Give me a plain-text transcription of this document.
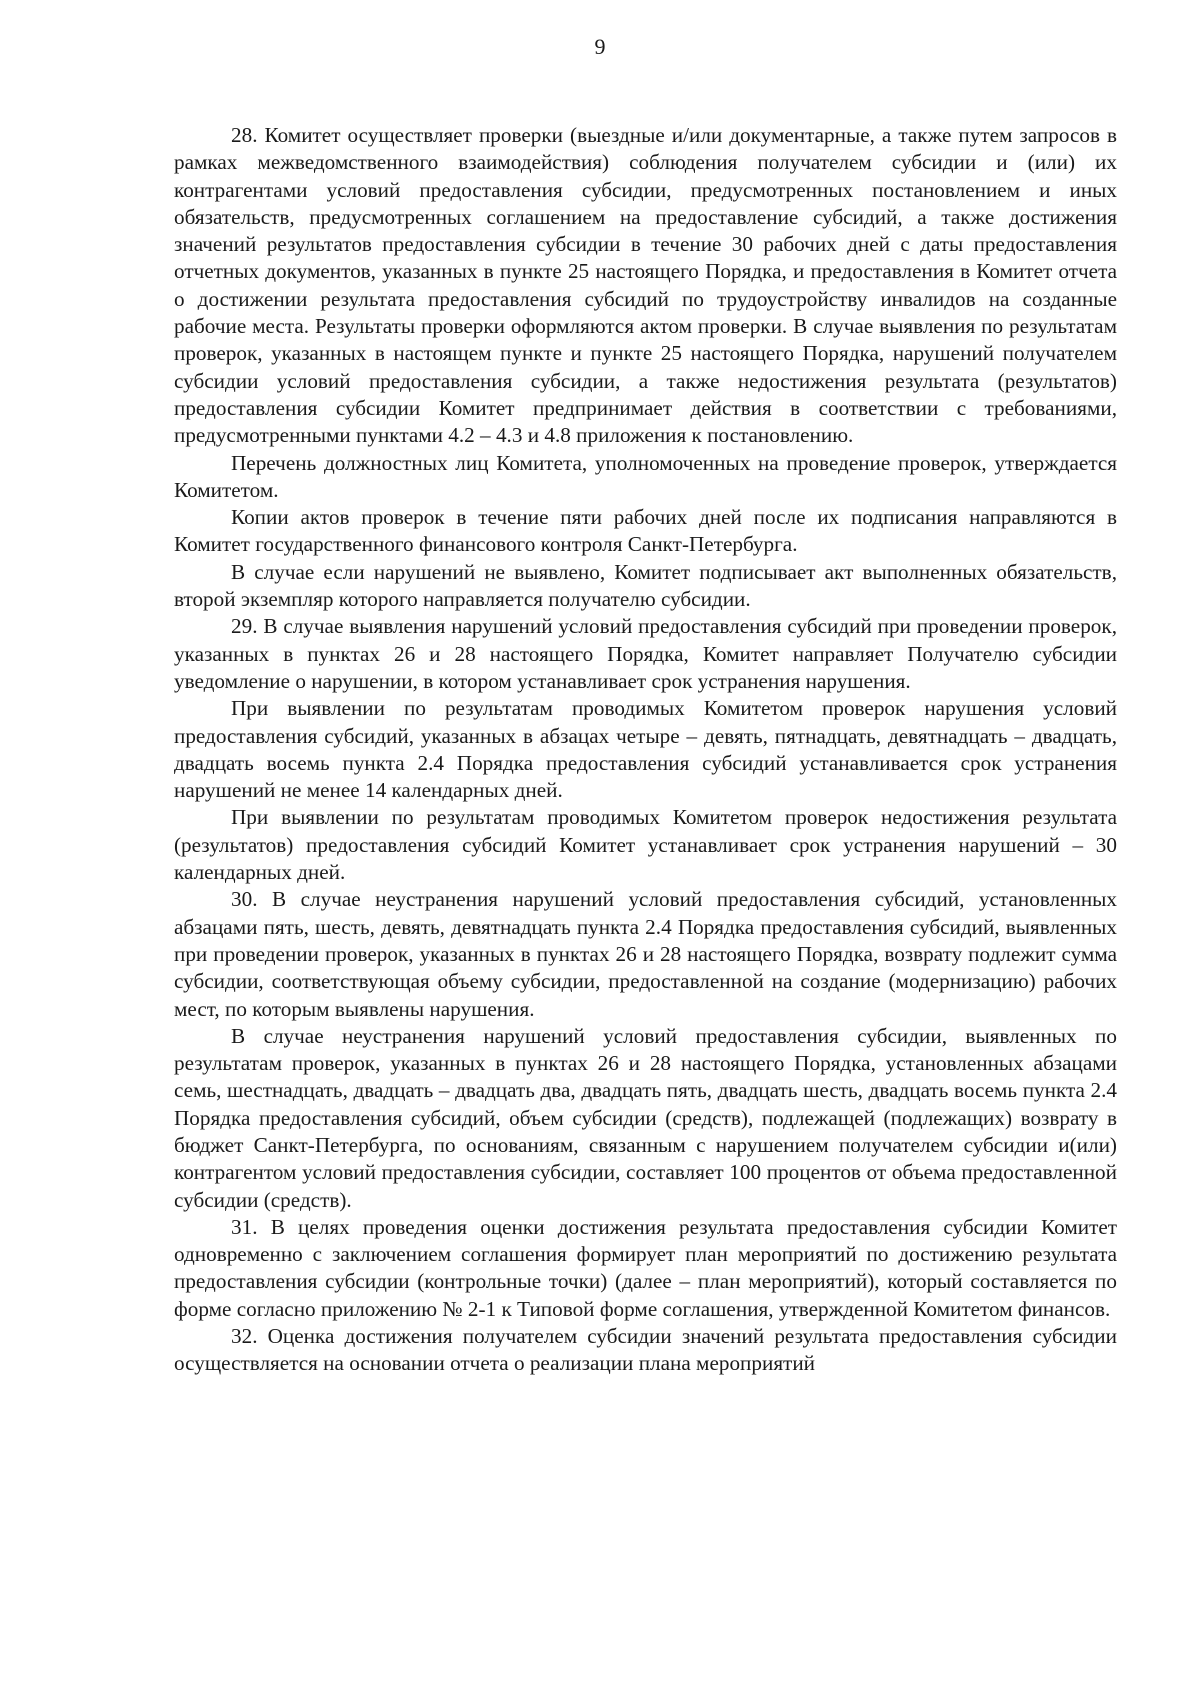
9

28. Комитет осуществляет проверки (выездные и/или документарные, а также путем запросов в рамках межведомственного взаимодействия) соблюдения получателем субсидии и (или) их контрагентами условий предоставления субсидии, предусмотренных постановлением и иных обязательств, предусмотренных соглашением на предоставление субсидий, а также достижения значений результатов предоставления субсидии в течение 30 рабочих дней с даты предоставления отчетных документов, указанных в пункте 25 настоящего Порядка, и предоставления в Комитет отчета о достижении результата предоставления субсидий по трудоустройству инвалидов на созданные рабочие места. Результаты проверки оформляются актом проверки. В случае выявления по результатам проверок, указанных в настоящем пункте и пункте 25 настоящего Порядка, нарушений получателем субсидии условий предоставления субсидии, а также недостижения результата (результатов) предоставления субсидии Комитет предпринимает действия в соответствии с требованиями, предусмотренными пунктами 4.2 – 4.3 и 4.8 приложения к постановлению.

Перечень должностных лиц Комитета, уполномоченных на проведение проверок, утверждается Комитетом.

Копии актов проверок в течение пяти рабочих дней после их подписания направляются в Комитет государственного финансового контроля Санкт-Петербурга.

В случае если нарушений не выявлено, Комитет подписывает акт выполненных обязательств, второй экземпляр которого направляется получателю субсидии.

29. В случае выявления нарушений условий предоставления субсидий при проведении проверок, указанных в пунктах 26 и 28 настоящего Порядка, Комитет направляет Получателю субсидии уведомление о нарушении, в котором устанавливает срок устранения нарушения.

При выявлении по результатам проводимых Комитетом проверок нарушения условий предоставления субсидий, указанных в абзацах четыре – девять, пятнадцать, девятнадцать – двадцать, двадцать восемь пункта 2.4 Порядка предоставления субсидий устанавливается срок устранения нарушений не менее 14 календарных дней.

При выявлении по результатам проводимых Комитетом проверок недостижения результата (результатов) предоставления субсидий Комитет устанавливает срок устранения нарушений – 30 календарных дней.

30. В случае неустранения нарушений условий предоставления субсидий, установленных абзацами пять, шесть, девять, девятнадцать пункта 2.4 Порядка предоставления субсидий, выявленных при проведении проверок, указанных в пунктах 26 и 28 настоящего Порядка, возврату подлежит сумма субсидии, соответствующая объему субсидии, предоставленной на создание (модернизацию) рабочих мест, по которым выявлены нарушения.

В случае неустранения нарушений условий предоставления субсидии, выявленных по результатам проверок, указанных в пунктах 26 и 28 настоящего Порядка, установленных абзацами семь, шестнадцать, двадцать – двадцать два, двадцать пять, двадцать шесть, двадцать восемь пункта 2.4 Порядка предоставления субсидий, объем субсидии (средств), подлежащей (подлежащих) возврату в бюджет Санкт-Петербурга, по основаниям, связанным с нарушением получателем субсидии и(или) контрагентом условий предоставления субсидии, составляет 100 процентов от объема предоставленной субсидии (средств).

31. В целях проведения оценки достижения результата предоставления субсидии Комитет одновременно с заключением соглашения формирует план мероприятий по достижению результата предоставления субсидии (контрольные точки) (далее – план мероприятий), который составляется по форме согласно приложению № 2-1 к Типовой форме соглашения, утвержденной Комитетом финансов.

32. Оценка достижения получателем субсидии значений результата предоставления субсидии осуществляется на основании отчета о реализации плана мероприятий
